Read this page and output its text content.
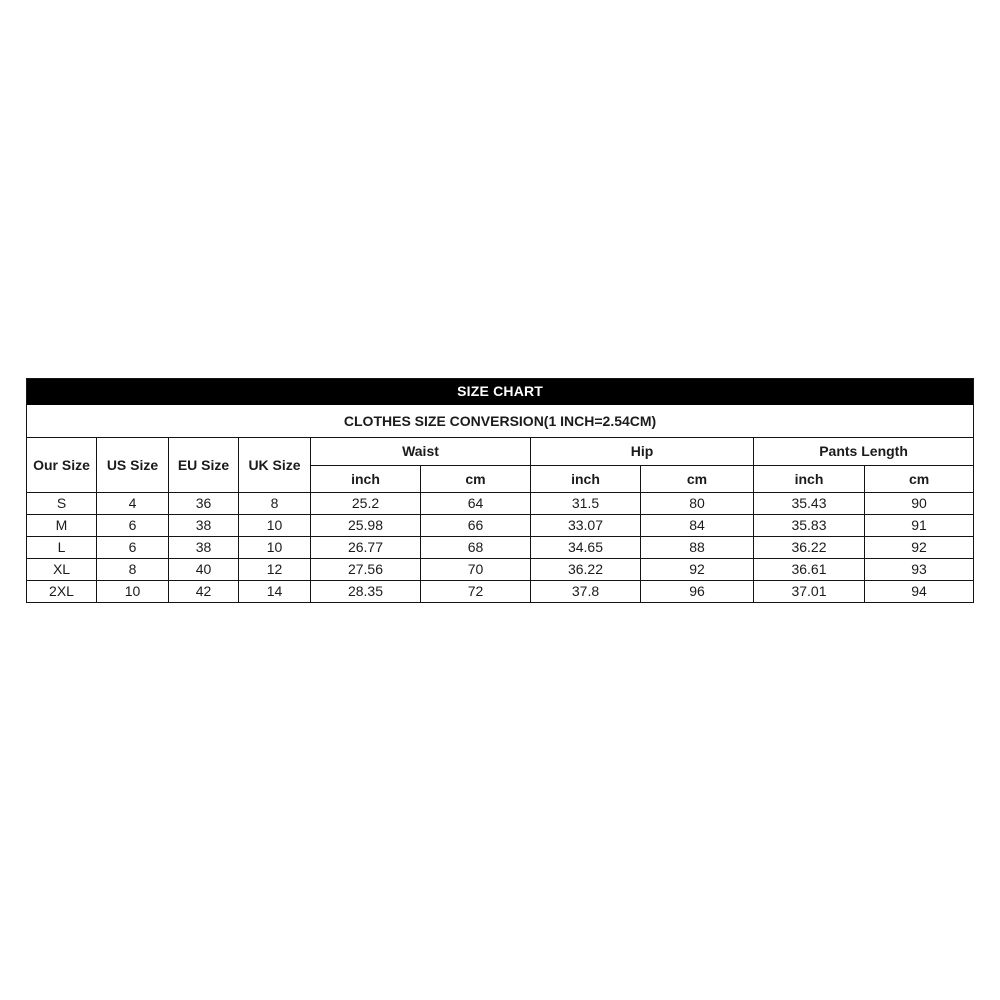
SIZE CHART									
CLOTHES SIZE CONVERSION(1 INCH=2.54CM)									
Our Size	US Size	EU Size	UK Size	Waist		Hip		Pants Length	
				inch	cm	inch	cm	inch	cm
S	4	36	8	25.2	64	31.5	80	35.43	90
M	6	38	10	25.98	66	33.07	84	35.83	91
L	6	38	10	26.77	68	34.65	88	36.22	92
XL	8	40	12	27.56	70	36.22	92	36.61	93
2XL	10	42	14	28.35	72	37.8	96	37.01	94
